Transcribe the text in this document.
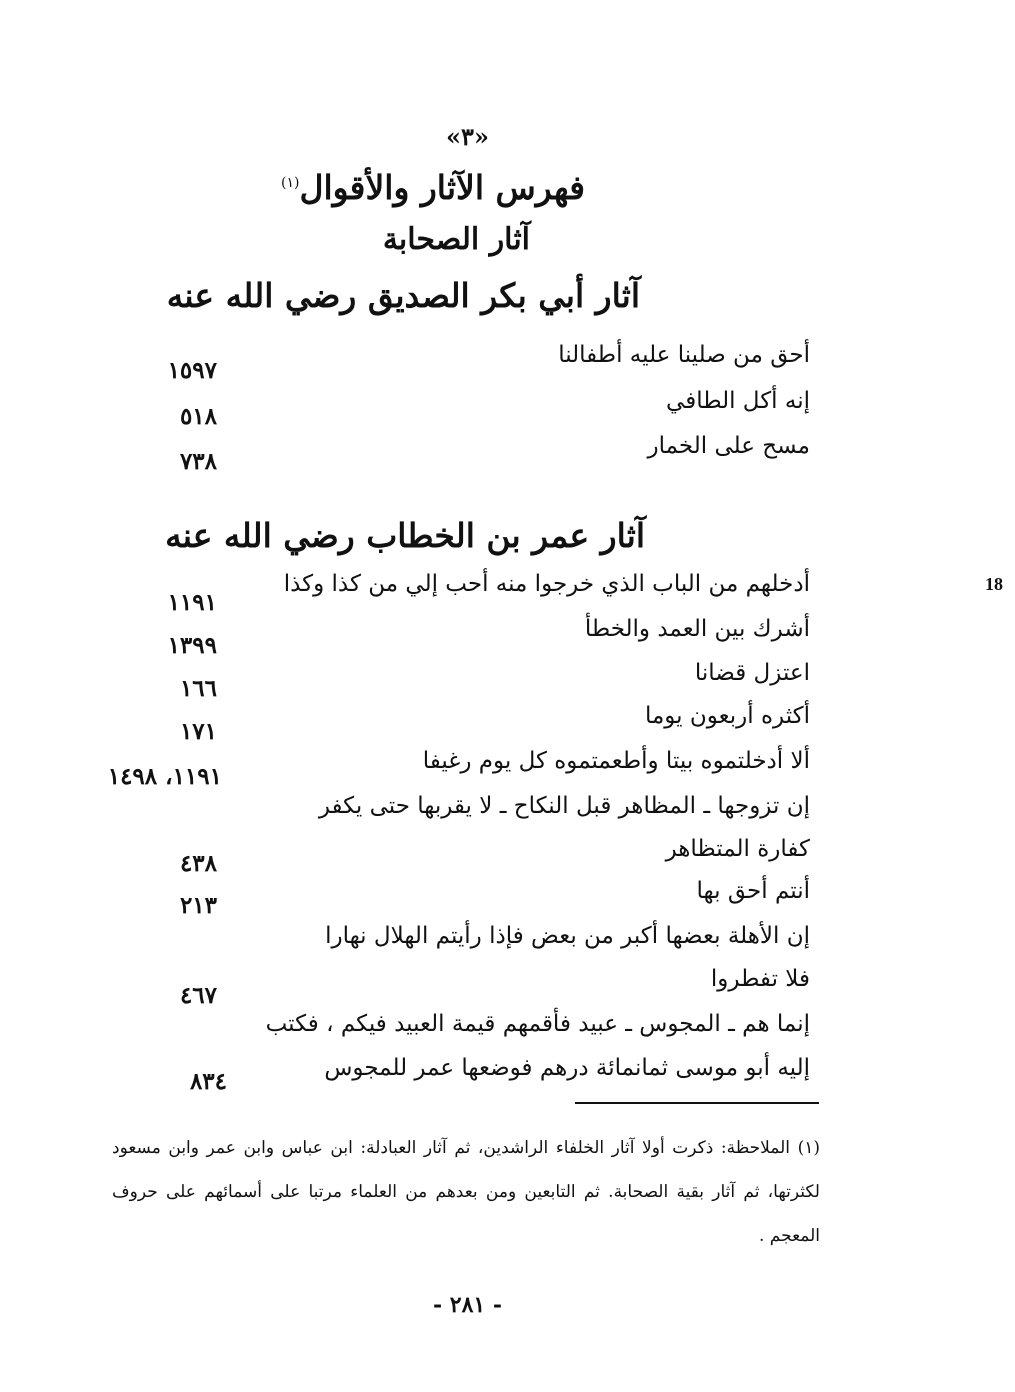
«٣»
فهرس الآثار والأقوال$^{(١)}$
آثار الصحابة
آثار أبي بكر الصديق رضي الله عنه
أحق من صلينا عليه أطفالنا
١٥٩٧
إنه أكل الطافي
٥١٨
مسح على الخمار
٧٣٨
آثار عمر بن الخطاب رضي الله عنه
أدخلهم من الباب الذي خرجوا منه أحب إلي من كذا وكذا
١١٩١
أشرك بين العمد والخطأ
١٣٩٩
اعتزل قضانا
١٦٦
أكثره أربعون يوما
١٧١
ألا أدخلتموه بيتا وأطعمتموه كل يوم رغيفا
١١٩١، ١٤٩٨
إن تزوجها ـ المظاهر قبل النكاح ـ لا يقربها حتى يكفر
كفارة المتظاهر
٤٣٨
أنتم أحق بها
٢١٣
إن الأهلة بعضها أكبر من بعض فإذا رأيتم الهلال نهارا
فلا تفطروا
٤٦٧
إنما هم ـ المجوس ـ عبيد فأقمهم قيمة العبيد فيكم ، فكتب
إليه أبو موسى ثمانمائة درهم فوضعها عمر للمجوس
٨٣٤
18
(١) الملاحظة: ذكرت أولا آثار الخلفاء الراشدين، ثم آثار العبادلة: ابن عباس وابن عمر وابن مسعود لكثرتها، ثم آثار بقية الصحابة. ثم التابعين ومن بعدهم من العلماء مرتبا على أسمائهم على حروف المعجم .
- ٢٨١ -
